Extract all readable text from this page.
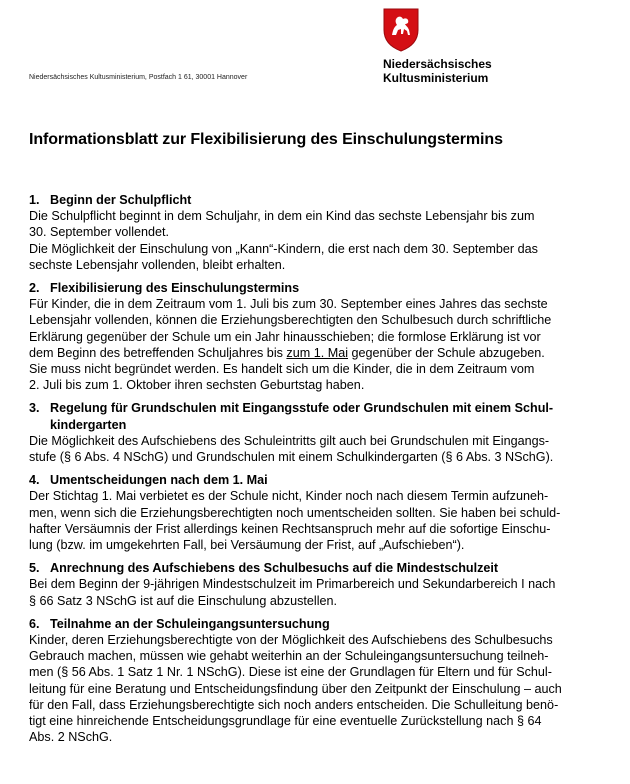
Niedersächsisches
Kultusministerium
Niedersächsisches Kultusministerium, Postfach 1 61, 30001 Hannover
Informationsblatt zur Flexibilisierung des Einschulungstermins
1. Beginn der Schulpflicht
Die Schulpflicht beginnt in dem Schuljahr, in dem ein Kind das sechste Lebensjahr bis zum
30. September vollendet.
Die Möglichkeit der Einschulung von „Kann“-Kindern, die erst nach dem 30. September das
sechste Lebensjahr vollenden, bleibt erhalten.
2. Flexibilisierung des Einschulungstermins
Für Kinder, die in dem Zeitraum vom 1. Juli bis zum 30. September eines Jahres das sechste
Lebensjahr vollenden, können die Erziehungsberechtigten den Schulbesuch durch schriftliche
Erklärung gegenüber der Schule um ein Jahr hinausschieben; die formlose Erklärung ist vor
dem Beginn des betreffenden Schuljahres bis zum 1. Mai gegenüber der Schule abzugeben.
Sie muss nicht begründet werden. Es handelt sich um die Kinder, die in dem Zeitraum vom
2. Juli bis zum 1. Oktober ihren sechsten Geburtstag haben.
3. Regelung für Grundschulen mit Eingangsstufe oder Grundschulen mit einem Schul-
kindergarten
Die Möglichkeit des Aufschiebens des Schuleintritts gilt auch bei Grundschulen mit Eingangs-
stufe (§ 6 Abs. 4 NSchG) und Grundschulen mit einem Schulkindergarten (§ 6 Abs. 3 NSchG).
4. Umentscheidungen nach dem 1. Mai
Der Stichtag 1. Mai verbietet es der Schule nicht, Kinder noch nach diesem Termin aufzuneh-
men, wenn sich die Erziehungsberechtigten noch umentscheiden sollten. Sie haben bei schuld-
hafter Versäumnis der Frist allerdings keinen Rechtsanspruch mehr auf die sofortige Einschu-
lung (bzw. im umgekehrten Fall, bei Versäumung der Frist, auf „Aufschieben“).
5. Anrechnung des Aufschiebens des Schulbesuchs auf die Mindestschulzeit
Bei dem Beginn der 9-jährigen Mindestschulzeit im Primarbereich und Sekundarbereich I nach
§ 66 Satz 3 NSchG ist auf die Einschulung abzustellen.
6. Teilnahme an der Schuleingangsuntersuchung
Kinder, deren Erziehungsberechtigte von der Möglichkeit des Aufschiebens des Schulbesuchs
Gebrauch machen, müssen wie gehabt weiterhin an der Schuleingangsuntersuchung teilneh-
men (§ 56 Abs. 1 Satz 1 Nr. 1 NSchG). Diese ist eine der Grundlagen für Eltern und für Schul-
leitung für eine Beratung und Entscheidungsfindung über den Zeitpunkt der Einschulung – auch
für den Fall, dass Erziehungsberechtigte sich noch anders entscheiden. Die Schulleitung benö-
tigt eine hinreichende Entscheidungsgrundlage für eine eventuelle Zurückstellung nach § 64
Abs. 2 NSchG.
